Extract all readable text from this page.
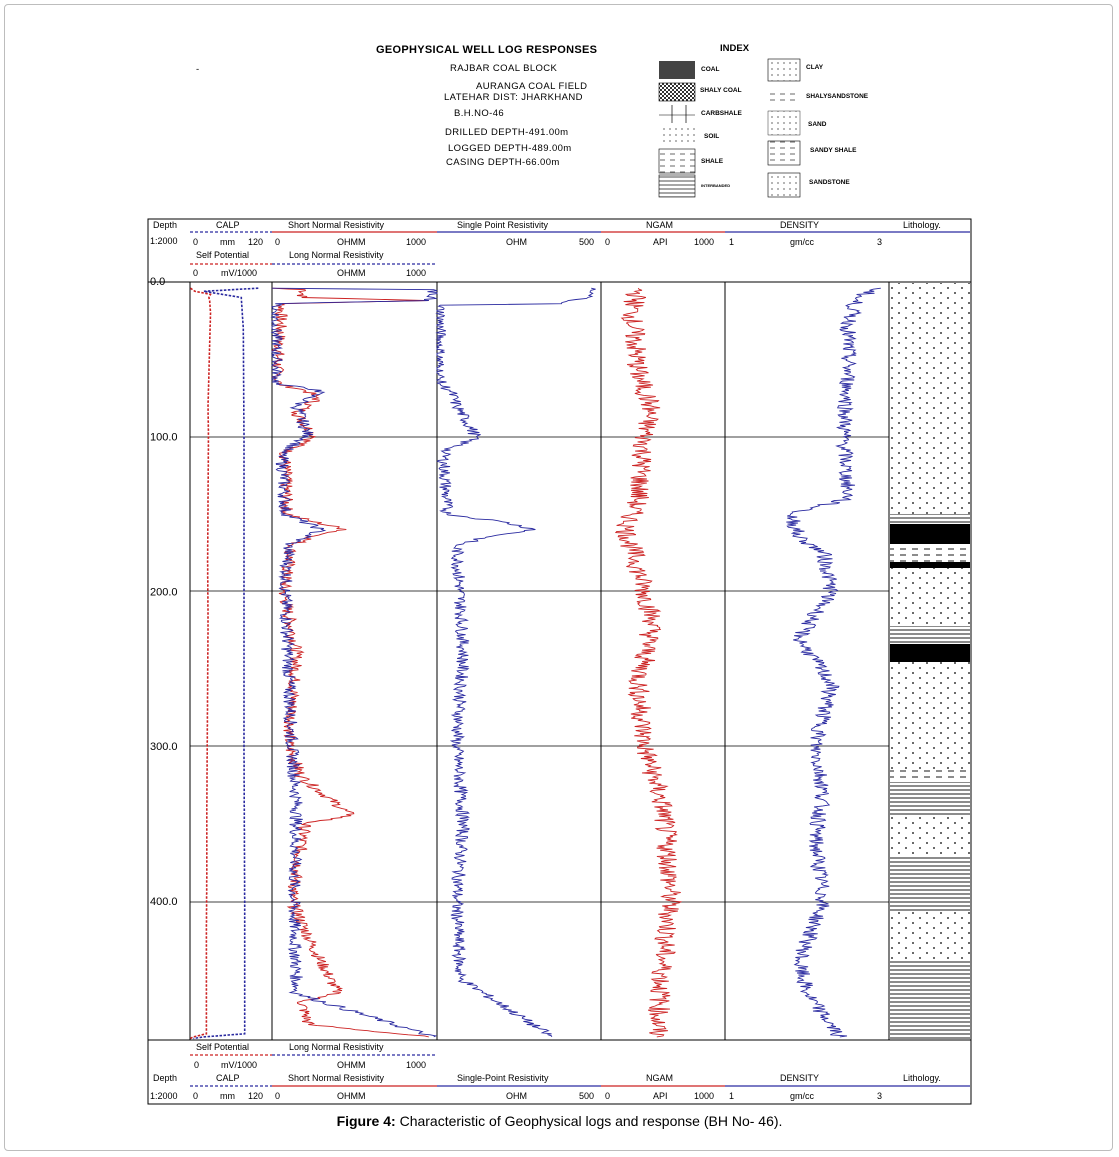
GEOPHYSICAL WELL LOG RESPONSES
-	RAJBAR COAL BLOCK
AURANGA COAL FIELD
LATEHAR DIST: JHARKHAND
B.H.NO-46
DRILLED DEPTH-491.00m
LOGGED DEPTH-489.00m
CASING DEPTH-66.00m
INDEX
COAL	CLAY
SHALY COAL
SHALYSANDSTONE
CARBSHALE
SAND
SOIL
SANDY SHALE
SHALE
SANDSTONE
INTERBANDED
Depth
1:2000
CALP
0 mm 120
Self Potential
0	mV/1000
Short Normal Resistivity
0	OHMM	1000
Long Normal Resistivity
OHMM	1000
Single Point Resistivity
OHM	500
NGAM
0	API	1000
DENSITY
1	gm/cc	3
Lithology.
Self Potential	Long Normal Resistivity
0 mV/1000	OHMM	1000
Depth	CALP	Short Normal Resistivity	Single-Point Resistivity	NGAM	DENSITY	Lithology.
1:2000 0 mm 120 0	OHMM	OHM	500 0	API	1000 1	gm/cc	3
0.0
100.0
200.0
300.0
400.0
Figure 4: Characteristic of Geophysical logs and response (BH No- 46).
